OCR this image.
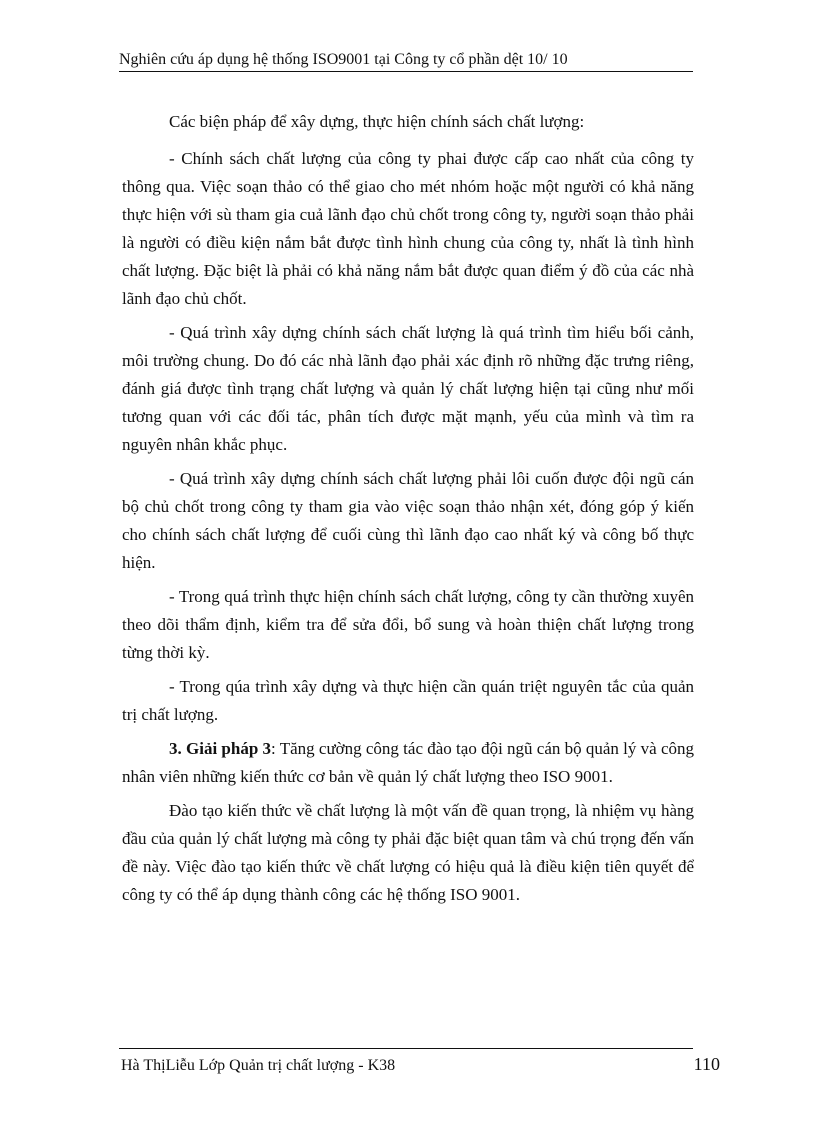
Nghiên cứu áp dụng hệ thống ISO9001 tại Công ty cổ phần dệt 10/ 10

Các biện pháp để xây dựng, thực hiện chính sách chất lượng:

- Chính sách chất lượng của công ty phai được cấp cao nhất của công ty thông qua. Việc soạn thảo có thể giao cho mét nhóm hoặc một người có khả năng thực hiện với sù tham gia cuả lãnh đạo chủ chốt trong công ty, người soạn thảo phải là người có điều kiện nắm bắt được tình hình chung của công ty, nhất là tình hình chất lượng. Đặc biệt là phải có khả năng nắm bắt được quan điểm ý đồ của các nhà lãnh đạo chủ chốt.

- Quá trình xây dựng chính sách chất lượng là quá trình tìm hiểu bối cảnh, môi trường chung. Do đó các nhà lãnh đạo phải xác định rõ những đặc trưng riêng, đánh giá được tình trạng chất lượng và quản lý chất lượng hiện tại cũng như mối tương quan với các đối tác, phân tích được mặt mạnh, yếu của mình và tìm ra nguyên nhân khắc phục.

- Quá trình xây dựng chính sách chất lượng phải lôi cuốn được đội ngũ cán bộ chủ chốt trong công ty tham gia vào việc soạn thảo nhận xét, đóng góp ý kiến cho chính sách chất lượng để cuối cùng thì lãnh đạo cao nhất ký và công bố thực hiện.

- Trong quá trình thực hiện chính sách chất lượng, công ty cần thường xuyên theo dõi thẩm định, kiểm tra để sửa đổi, bổ sung và hoàn thiện chất lượng trong từng thời kỳ.

- Trong qúa trình xây dựng và thực hiện cần quán triệt nguyên tắc của quản trị chất lượng.

3. Giải pháp 3: Tăng cường công tác đào tạo đội ngũ cán bộ quản lý và công nhân viên những kiến thức cơ bản về quản lý chất lượng theo ISO 9001.

Đào tạo kiến thức về chất lượng là một vấn đề quan trọng, là nhiệm vụ hàng đầu của quản lý chất lượng mà công ty phải đặc biệt quan tâm và chú trọng đến vấn đề này. Việc đào tạo kiến thức về chất lượng có hiệu quả là điều kiện tiên quyết để công ty có thể áp dụng thành công các hệ thống ISO 9001.

Hà ThịLiễu Lớp Quản trị chất lượng - K38	110
